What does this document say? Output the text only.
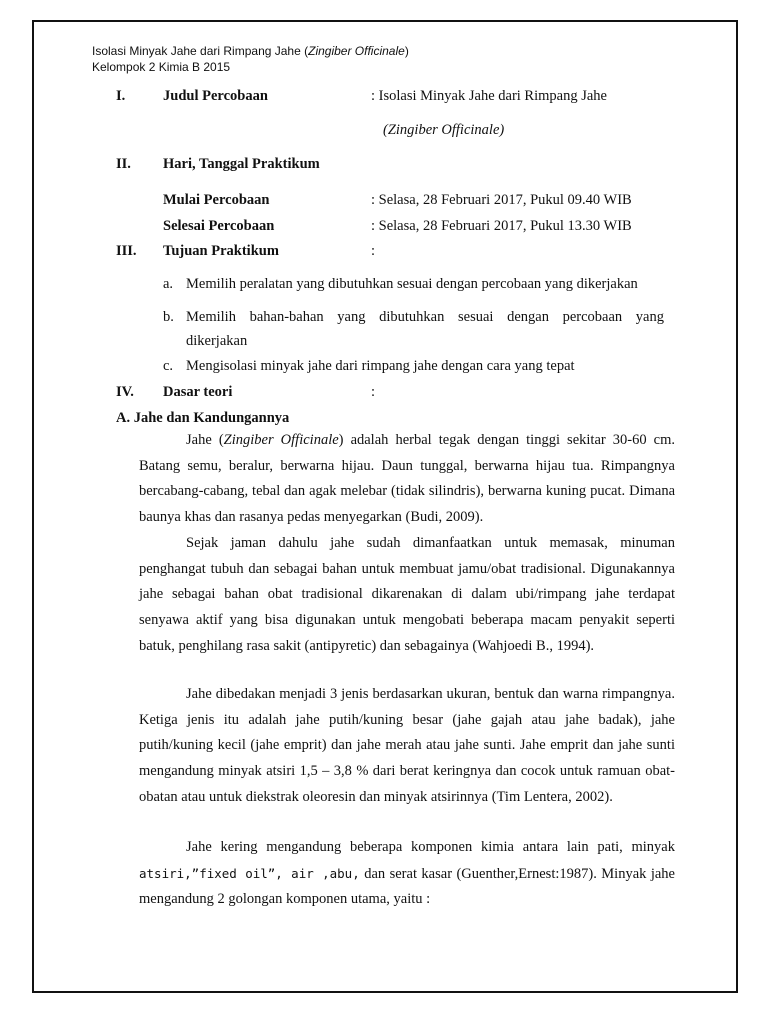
Isolasi Minyak Jahe dari Rimpang Jahe (Zingiber Officinale)
Kelompok 2 Kimia B 2015
I.	Judul Percobaan	: Isolasi Minyak Jahe dari Rimpang Jahe
(Zingiber Officinale)
II. Hari, Tanggal Praktikum
Mulai Percobaan	: Selasa, 28 Februari 2017, Pukul 09.40 WIB
Selesai Percobaan	: Selasa, 28 Februari 2017, Pukul 13.30 WIB
III. Tujuan Praktikum	:
a. Memilih peralatan yang dibutuhkan sesuai dengan percobaan yang dikerjakan
b. Memilih bahan-bahan yang dibutuhkan sesuai dengan percobaan yang
dikerjakan
c. Mengisolasi minyak jahe dari rimpang jahe dengan cara yang tepat
IV. Dasar teori	:
A. Jahe dan Kandungannya
Jahe (Zingiber Officinale) adalah herbal tegak dengan tinggi sekitar 30-60 cm. Batang semu, beralur, berwarna hijau. Daun tunggal, berwarna hijau tua. Rimpangnya bercabang-cabang, tebal dan agak melebar (tidak silindris), berwarna kuning pucat. Dimana baunya khas dan rasanya pedas menyegarkan (Budi, 2009).
Sejak jaman dahulu jahe sudah dimanfaatkan untuk memasak, minuman penghangat tubuh dan sebagai bahan untuk membuat jamu/obat tradisional. Digunakannya jahe sebagai bahan obat tradisional dikarenakan di dalam ubi/rimpang jahe terdapat senyawa aktif yang bisa digunakan untuk mengobati beberapa macam penyakit seperti batuk, penghilang rasa sakit (antipyretic) dan sebagainya (Wahjoedi B., 1994).
Jahe dibedakan menjadi 3 jenis berdasarkan ukuran, bentuk dan warna rimpangnya. Ketiga jenis itu adalah jahe putih/kuning besar (jahe gajah atau jahe badak), jahe putih/kuning kecil (jahe emprit) dan jahe merah atau jahe sunti. Jahe emprit dan jahe sunti mengandung minyak atsiri 1,5 – 3,8 % dari berat keringnya dan cocok untuk ramuan obat-obatan atau untuk diekstrak oleoresin dan minyak atsirinnya (Tim Lentera, 2002).
Jahe kering mengandung beberapa komponen kimia antara lain pati, minyak atsiri,”fixed oil”, air ,abu, dan serat kasar (Guenther,Ernest:1987). Minyak jahe mengandung 2 golongan komponen utama, yaitu :
